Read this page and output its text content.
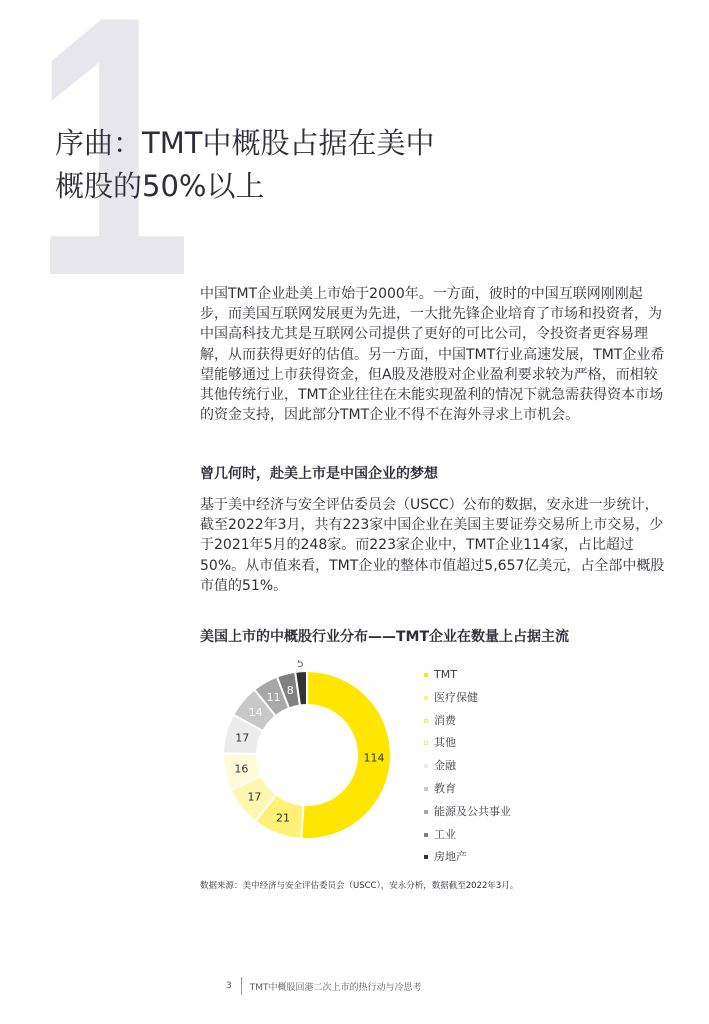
1
序曲：TMT中概股占据在美中
概股的50%以上

中国TMT企业赴美上市始于2000年。一方面，彼时的中国互联网刚刚起步，而美国互联网发展更为先进，一大批先锋企业培育了市场和投资者，为中国高科技尤其是互联网公司提供了更好的可比公司，令投资者更容易理解，从而获得更好的估值。另一方面，中国TMT行业高速发展，TMT企业希望能够通过上市获得资金，但A股及港股对企业盈利要求较为严格，而相较其他传统行业，TMT企业往往在未能实现盈利的情况下就急需获得资本市场的资金支持，因此部分TMT企业不得不在海外寻求上市机会。

曾几何时，赴美上市是中国企业的梦想

基于美中经济与安全评估委员会（USCC）公布的数据，安永进一步统计，截至2022年3月，共有223家中国企业在美国主要证券交易所上市交易，少于2021年5月的248家。而223家企业中，TMT企业114家，占比超过50%。从市值来看，TMT企业的整体市值超过5,657亿美元，占全部中概股市值的51%。

美国上市的中概股行业分布——TMT企业在数量上占据主流
114
21
17
16
17
14
11
8
5
TMT
医疗保健
消费
其他
金融
教育
能源及公共事业
工业
房地产

数据来源：美中经济与安全评估委员会（USCC），安永分析，数据截至2022年3月。

3 TMT中概股回港二次上市的热行动与冷思考
